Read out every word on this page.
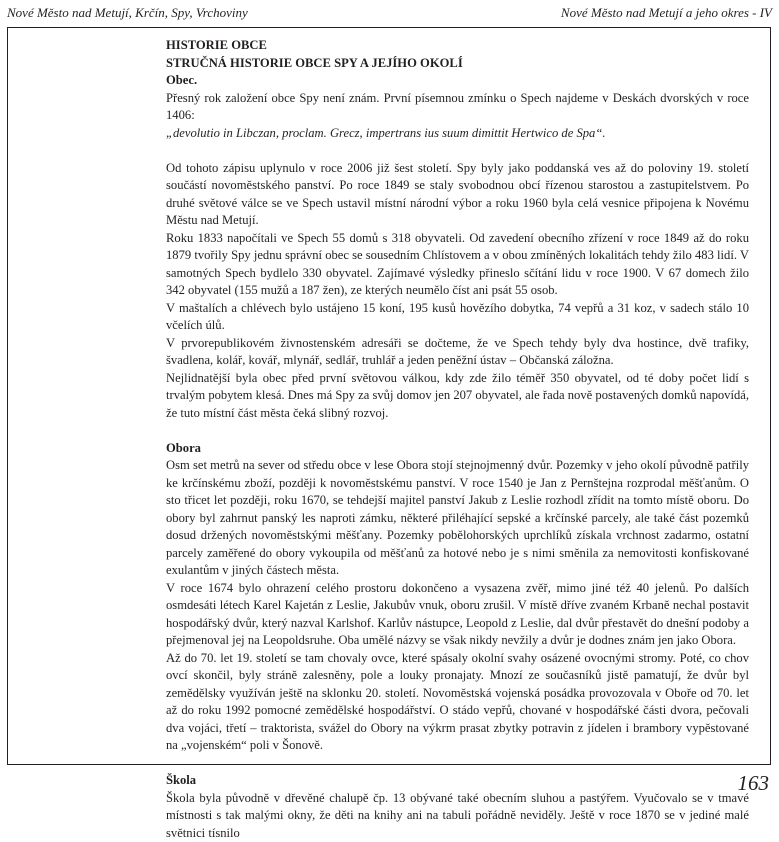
Nové Město nad Metují, Krčín, Spy, Vrchoviny	Nové Město nad Metují a jeho okres - IV

HISTORIE OBCE

STRUČNÁ HISTORIE OBCE SPY A JEJÍHO OKOLÍ

Obec.

Přesný rok založení obce Spy není znám. První písemnou zmínku o Spech najdeme v Deskách dvorských v roce 1406:

„devolutio in Libczan, proclam. Grecz, impertrans ius suum dimittit Hertwico de Spa“.

Od tohoto zápisu uplynulo v roce 2006 již šest století. Spy byly jako poddanská ves až do poloviny 19. století součástí novoměstského panství. Po roce 1849 se staly svobodnou obcí řízenou starostou a zastupitelstvem. Po druhé světové válce se ve Spech ustavil místní národní výbor a roku 1960 byla celá vesnice připojena k Novému Městu nad Metují.

Roku 1833 napočítali ve Spech 55 domů s 318 obyvateli. Od zavedení obecního zřízení v roce 1849 až do roku 1879 tvořily Spy jednu správní obec se sousedním Chlístovem a v obou zmíněných lokalitách tehdy žilo 483 lidí. V samotných Spech bydlelo 330 obyvatel. Zajímavé výsledky přineslo sčítání lidu v roce 1900. V 67 domech žilo 342 obyvatel (155 mužů a 187 žen), ze kterých neumělo číst ani psát 55 osob.

V maštalích a chlévech bylo ustájeno 15 koní, 195 kusů hovězího dobytka, 74 vepřů a 31 koz, v sadech stálo 10 včelích úlů.

V prvorepublikovém živnostenském adresáři se dočteme, že ve Spech tehdy byly dva hostince, dvě trafiky, švadlena, kolář, kovář, mlynář, sedlář, truhlář a jeden peněžní ústav – Občanská záložna.

Nejlidnatější byla obec před první světovou válkou, kdy zde žilo téměř 350 obyvatel, od té doby počet lidí s trvalým pobytem klesá. Dnes má Spy za svůj domov jen 207 obyvatel, ale řada nově postavených domků napovídá, že tuto místní část města čeká slibný rozvoj.

Obora

Osm set metrů na sever od středu obce v lese Obora stojí stejnojmenný dvůr. Pozemky v jeho okolí původně patřily ke krčínskému zboží, později k novoměstskému panství. V roce 1540 je Jan z Pernštejna rozprodal měšťanům. O sto třicet let později, roku 1670, se tehdejší majitel panství Jakub z Leslie rozhodl zřídit na tomto místě oboru. Do obory byl zahrnut panský les naproti zámku, některé přiléhající sepské a krčínské parcely, ale také část pozemků dosud držených novoměstskými měšťany. Pozemky pobělohorských uprchlíků získala vrchnost zadarmo, ostatní parcely zaměřené do obory vykoupila od měšťanů za hotové nebo je s nimi směnila za nemovitosti konfiskované exulantům v jiných částech města.

V roce 1674 bylo ohrazení celého prostoru dokončeno a vysazena zvěř, mimo jiné též 40 jelenů. Po dalších osmdesáti létech Karel Kajetán z Leslie, Jakubův vnuk, oboru zrušil. V místě dříve zvaném Krbaně nechal postavit hospodářský dvůr, který nazval Karlshof. Karlův nástupce, Leopold z Leslie, dal dvůr přestavět do dnešní podoby a přejmenoval jej na Leopoldsruhe. Oba umělé názvy se však nikdy nevžily a dvůr je dodnes znám jen jako Obora.

Až do 70. let 19. století se tam chovaly ovce, které spásaly okolní svahy osázené ovocnými stromy. Poté, co chov ovcí skončil, byly stráně zalesněny, pole a louky pronajaty. Mnozí ze současníků jistě pamatují, že dvůr byl zemědělsky využíván ještě na sklonku 20. století. Novoměstská vojenská posádka provozovala v Oboře od 70. let až do roku 1992 pomocné zemědělské hospodářství. O stádo vepřů, chované v hospodářské části dvora, pečovali dva vojáci, třetí – traktorista, svážel do Obory na výkrm prasat zbytky potravin z jídelen i brambory vypěstované na „vojenském“ poli v Šonově.

Škola

Škola byla původně v dřevěné chalupě čp. 13 obývané také obecním sluhou a pastýřem. Vyučovalo se v tmavé místnosti s tak malými okny, že děti na knihy ani na tabuli pořádně neviděly. Ještě v roce 1870 se v jediné malé světnici tísnilo

163
